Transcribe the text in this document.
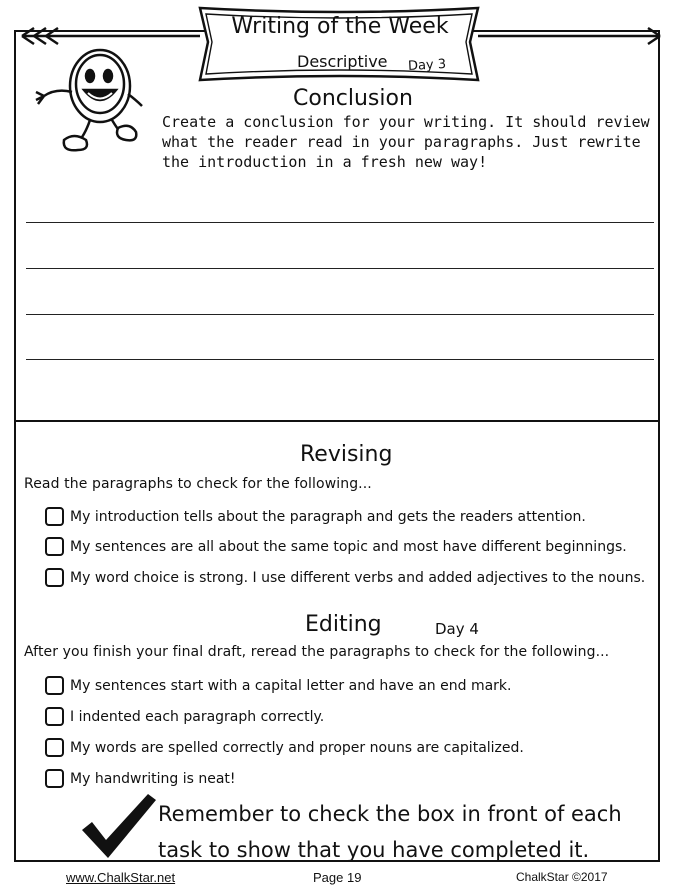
Writing of the Week
Descriptive Day 3
Conclusion

Create a conclusion for your writing. It should review what the reader read in your paragraphs. Just rewrite the introduction in a fresh new way!

Revising
Read the paragraphs to check for the following...
My introduction tells about the paragraph and gets the readers attention.
My sentences are all about the same topic and most have different beginnings.
My word choice is strong. I use different verbs and added adjectives to the nouns.
Editing	Day 4
After you finish your final draft, reread the paragraphs to check for the following...
My sentences start with a capital letter and have an end mark.
I indented each paragraph correctly.
My words are spelled correctly and proper nouns are capitalized.
My handwriting is neat!
Remember to check the box in front of each
task to show that you have completed it.
www.ChalkStar.net	Page 19	ChalkStar ©2017
